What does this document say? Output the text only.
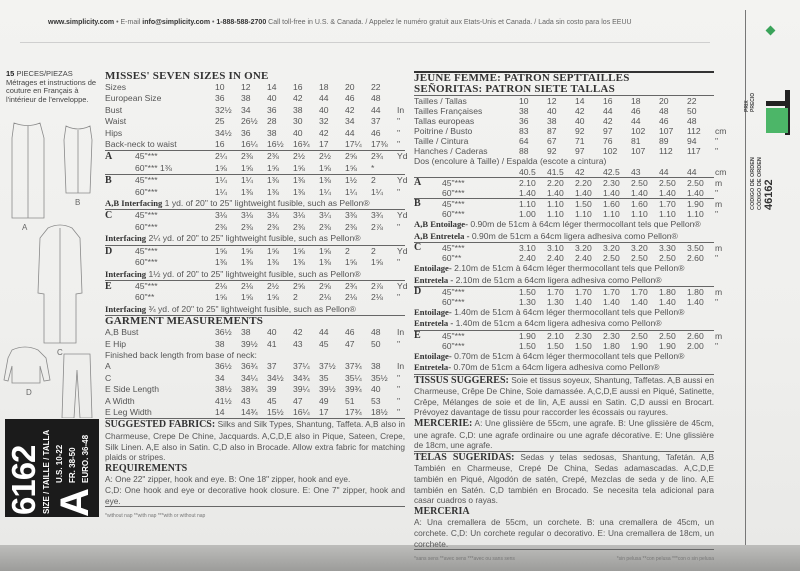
www.simplicity.com • E-mail info@simplicity.com • 1-888-588-2700 Call toll-free in U.S. & Canada. / Appelez le numéro gratuit aux Etats-Unis et Canada. / Lada sin costo para los EEUU
15 PIECES/PIEZAS
Métrages et instructions de couture en Français à l'intérieur de l'enveloppe.
A
B
C
D
6162 SIZE / TAILLE / TALLA A
U.S. 10-22
FR. 38-50
EURO. 36-48
MISSES' SEVEN SIZES IN ONE
Sizes	10	12	14	16	18	20	22
European Size	36	38	40	42	44	46	48
Bust	32½	34	36	38	40	42	44	In
Waist	25	26½	28	30	32	34	37	"
Hips	34½	36	38	40	42	44	46	"
Back-neck to waist	16	16¼	16½	16¾	17	17¼	17⅜	"
A	45"***	2¼	2⅜	2⅜	2½	2½	2⅝	2¾	Yd
60"*** 1⅜	1⅝	1⅝	1⅝	1⅝	1⅝	1⅝	*
B	45"***	1¼	1¼	1⅜	1⅜	1⅜	1½	2	Yd
60"***	1¼	1⅜	1⅜	1⅜	1¼	1¼	1¼	"
A,B Interfacing 1 yd. of 20" to 25" lightweight fusible, such as Pellon®
C	45"***	3⅛	3⅛	3⅛	3⅛	3¼	3⅜	3¾	Yd
60"***	2⅜	2⅜	2⅜	2⅜	2⅜	2⅜	2⅞	"
Interfacing 2¼ yd. of 20" to 25" lightweight fusible, such as Pellon®
D	45"***	1⅝	1⅝	1⅝	1⅝	1⅝	2	2	Yd
60"***	1⅜	1⅜	1⅜	1⅜	1⅜	1⅝	1⅝	"
Interfacing 1½ yd. of 20" to 25" lightweight fusible, such as Pellon®
E	45"***	2⅛	2⅛	2½	2⅝	2⅝	2¾	2⅞	Yd
60"**	1⅝	1⅝	1⅝	2	2⅛	2⅛	2⅛	"
Interfacing ¾ yd. of 20" to 25" lightweight fusible, such as Pellon®
GARMENT MEASUREMENTS
A,B Bust	36½	38	40	42	44	46	48	In
E Hip	38	39½	41	43	45	47	50	"
Finished back length from base of neck:
A	36½	36¾	37	37¼	37½	37¾	38	In
C	34	34¼	34½	34¾	35	35¼	35½	"
E Side Length	38½	38¾	39	39¼	39½	39¾	40	"
A Width	41½	43	45	47	49	51	53	"
E Leg Width	14	14¾	15½	16¼	17	17¾	18½	"
SUGGESTED FABRICS: Silks and Silk Types, Shantung, Taffeta. A,B also in Charmeuse, Crepe De Chine, Jacquards. A,C,D,E also in Pique, Sateen, Crepe, Silk Linen. A,E also in Satin. C,D also in Brocade. Allow extra fabric for matching plaids or stripes.
REQUIREMENTS
A: One 22" zipper, hook and eye. B: One 18" zipper, hook and eye.
C,D: One hook and eye or decorative hook closure. E: One 7" zipper, hook and eye.
*without nap **with nap ***with or without nap
JEUNE FEMME: PATRON SEPTTAILLES
SEÑORITAS: PATRON SIETE TALLAS
Tailles / Tallas	10	12	14	16	18	20	22
Tailles Françaises	38	40	42	44	46	48	50
Tallas europeas	36	38	40	42	44	46	48
Poitrine / Busto	83	87	92	97	102	107	112	cm
Taille / Cintura	64	67	71	76	81	89	94	"
Hanches / Caderas	88	92	97	102	107	112	117	"
Dos (encolure à Taille) / Espalda (escote a cintura)
40.5	41.5	42	42.5	43	44	44	cm
A	45"***	2.10	2.20	2.20	2.30	2.50	2.50	2.50	m
60"***	1.40	1.40	1.40	1.40	1.40	1.40	1.40	"
B	45"***	1.10	1.10	1.50	1.60	1.60	1.70	1.90	m
60"***	1.00	1.10	1.10	1.10	1.10	1.10	1.10	"
A,B Entoilage- 0.90m de 51cm à 64cm léger thermocollant tels que Pellon®
A,B Entretela - 0.90m de 51cm a 64cm ligera adhesiva como Pellon®
C	45"***	3.10	3.10	3.20	3.20	3.20	3.30	3.50	m
60"**	2.40	2.40	2.40	2.50	2.50	2.50	2.60	"
Entoilage- 2.10m de 51cm à 64cm léger thermocollant tels que Pellon®
Entretela - 2.10m de 51cm a 64cm ligera adhesiva como Pellon®
D	45"***	1.50	1.70	1.70	1.70	1.70	1.80	1.80	m
60"***	1.30	1.30	1.40	1.40	1.40	1.40	1.40	"
Entoilage- 1.40m de 51cm à 64cm léger thermocollant tels que Pellon®
Entretela - 1.40m de 51cm a 64cm ligera adhesiva como Pellon®
E	45"***	1.90	2.10	2.30	2.30	2.50	2.50	2.60	m
60"***	1.50	1.50	1.50	1.80	1.90	1.90	2.00	"
Entoilage- 0.70m de 51cm à 64cm léger thermocollant tels que Pellon®
Entretela- 0.70m de 51cm a 64cm ligera adhesiva como Pellon®
TISSUS SUGGERES: Soie et tissus soyeux, Shantung, Taffetas. A,B aussi en Charmeuse, Crêpe De Chine, Soie damassée. A,C,D,E aussi en Piqué, Satinette, Crêpe, Mélanges de soie et de lin, A,E aussi en Satin. C,D aussi en Brocart. Prévoyez davantage de tissu pour raccorder les écossais ou rayures.
MERCERIE: A: Une glissière de 55cm, une agrafe. B: Une glissière de 45cm, une agrafe. C,D: une agrafe ordinaire ou une agrafe décorative. E: Une glissière de 18cm, une agrafe.
TELAS SUGERIDAS: Sedas y telas sedosas, Shantung, Tafetán. A,B También en Charmeuse, Crepé De China, Sedas adamascadas. A,C,D,E también en Piqué, Algodón de satén, Crepé, Mezclas de seda y de lino. A,E también en Satén. C,D también en Brocado. Se necesita tela adicional para casar cuadros o rayas.
MERCERIA
A: Una cremallera de 55cm, un corchete. B: una cremallera de 45cm, un corchete. C,D: Un corchete regular o decorativo. E: Una cremallera de 18cm, un corchete.
*sans sens **avec sens ***avec ou sans sens	*sin pelusa **con pelusa ***con o sin pelusa
PRIX PRECIO
CODIGO DE ORDEN CÓDIGO DE ORDEN 46162
